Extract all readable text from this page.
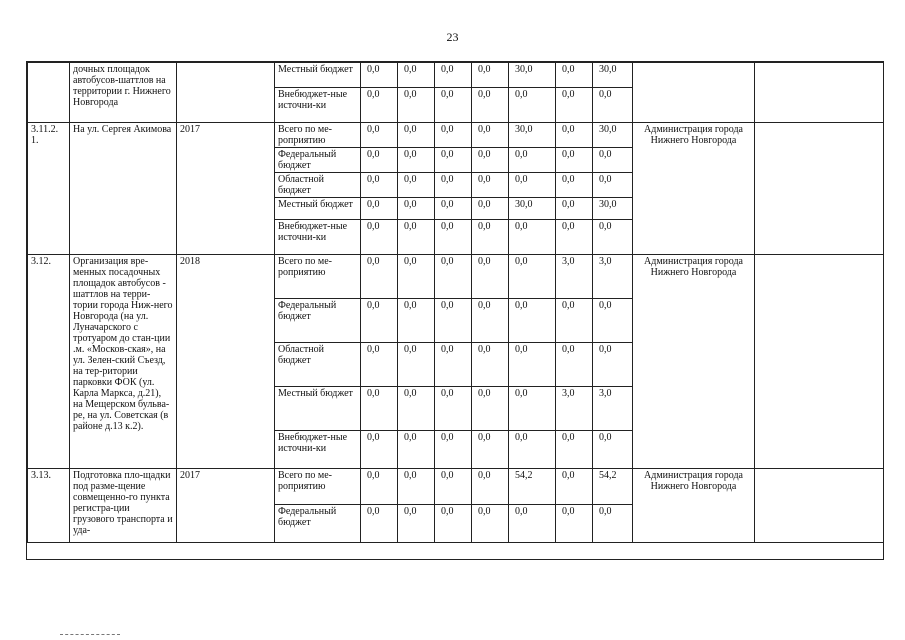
23
	дочных площадок автобусов-шаттлов на территории г. Нижнего Новгорода		Местный бюджет	0,0	0,0	0,0	0,0	30,0	0,0	30,0		
			Внебюджет-ные источни-ки	0,0	0,0	0,0	0,0	0,0	0,0	0,0		
3.11.2. 1.	На ул. Сергея Акимова	2017	Всего по ме-роприятию	0,0	0,0	0,0	0,0	30,0	0,0	30,0	Администрация города Нижнего Новгорода	
			Федеральный бюджет	0,0	0,0	0,0	0,0	0,0	0,0	0,0		
			Областной бюджет	0,0	0,0	0,0	0,0	0,0	0,0	0,0		
			Местный бюджет	0,0	0,0	0,0	0,0	30,0	0,0	30,0		
			Внебюджет-ные источни-ки	0,0	0,0	0,0	0,0	0,0	0,0	0,0		
3.12.	Организация вре-менных посадочных площадок автобусов - шаттлов на терри-тории города Ниж-него Новгорода (на ул. Луначарского с тротуаром до стан-ции .м. «Москов-ская», на ул. Зелен-ский Съезд, на тер-ритории парковки ФОК (ул. Карла Маркса, д.21), на Мещерском бульва-ре, на ул. Советская (в районе д.13 к.2).	2018	Всего по ме-роприятию	0,0	0,0	0,0	0,0	0,0	3,0	3,0	Администрация города Нижнего Новгорода	
			Федеральный бюджет	0,0	0,0	0,0	0,0	0,0	0,0	0,0		
			Областной бюджет	0,0	0,0	0,0	0,0	0,0	0,0	0,0		
			Местный бюджет	0,0	0,0	0,0	0,0	0,0	3,0	3,0		
			Внебюджет-ные источни-ки	0,0	0,0	0,0	0,0	0,0	0,0	0,0		
3.13.	Подготовка пло-щадки под разме-щение совмещенно-го пункта регистра-ции грузового транспорта и уда-	2017	Всего по ме-роприятию	0,0	0,0	0,0	0,0	54,2	0,0	54,2	Администрация города Нижнего Новгорода	
			Федеральный бюджет	0,0	0,0	0,0	0,0	0,0	0,0	0,0		
